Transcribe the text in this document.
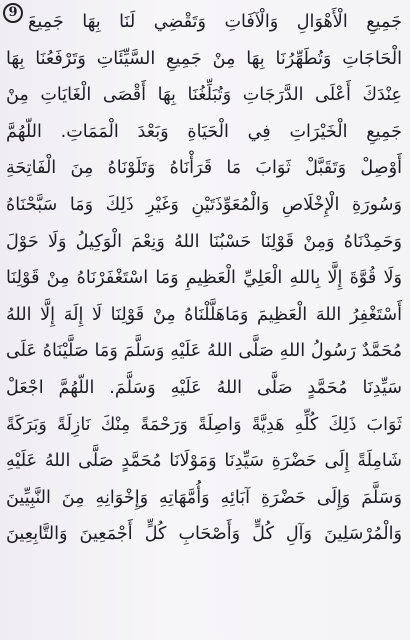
9 جَمِيعِ الْأَهْوَالِ وَالْآفَاتِ وَتَقْضِي لَنَا بِهَا جَمِيعَ
الْحَاجَاتِ وَتُطَهِّرُنَا بِهَا مِنْ جَمِيعِ السَّيِّئَاتِ وَتَرْفَعُنَا بِهَا
عِنْدَكَ أَعْلَى الدَّرَجَاتِ وَتُبَلِّغُنَا بِهَا أَقْصَى الْغَايَاتِ مِنْ
جَمِيعِ الْخَيْرَاتِ فِي الْحَيَاةِ وَبَعْدَ الْمَمَاتِ. اللّهُمَّ
أَوْصِلْ وَتَقَبَّلْ ثَوَابَ مَا قَرَأْنَاهُ وَتَلَوْنَاهُ مِنَ الْفَاتِحَةِ
وَسُورَةِ الْإِخْلَاصِ وَالْمُعَوِّذَتَيْنِ وَغَيْرِ ذَلِكَ وَمَا سَبَّحْنَاهُ
وَحَمِدْنَاهُ وَمِنْ قَوْلِنَا حَسْبُنَا اللهُ وَنِعْمَ الْوَكِيلُ وَلَا حَوْلَ
وَلَا قُوَّةَ إِلَّا بِاللهِ الْعَلِيِّ الْعَظِيمِ وَمَا اسْتَغْفَرْنَاهُ مِنْ قَوْلِنَا
أَسْتَغْفِرُ اللهَ الْعَظِيمَ وَمَاهَلَّلْنَاهُ مِنْ قَوْلِنَا لَا إِلَهَ إِلَّا اللهُ
مُحَمَّدٌ رَسُولُ اللهِ صَلَّى اللهُ عَلَيْهِ وَسَلَّمَ وَمَا صَلَّيْنَاهُ عَلَى
سَيِّدِنَا مُحَمَّدٍ صَلَّى اللهُ عَلَيْهِ وَسَلَّمَ. اللّهُمَّ اجْعَلْ
ثَوَابَ ذَلِكَ كُلِّهِ هَدِيَّةً وَاصِلَةً وَرَحْمَةً مِنْكَ نَازِلَةً وَبَرَكَةً
شَامِلَةً إِلَى حَضْرَةِ سَيِّدِنَا وَمَوْلَانَا مُحَمَّدٍ صَلَّى اللهُ عَلَيْهِ
وَسَلَّمَ وَإِلَى حَضْرَةِ آبَائِهِ وَأُمَّهَاتِهِ وَإِخْوَانِهِ مِنَ النَّبِيِّينَ
وَالْمُرْسَلِينَ وَآلِ كُلٍّ وَأَصْحَابِ كُلٍّ أَجْمَعِينَ وَالتَّابِعِينَ
